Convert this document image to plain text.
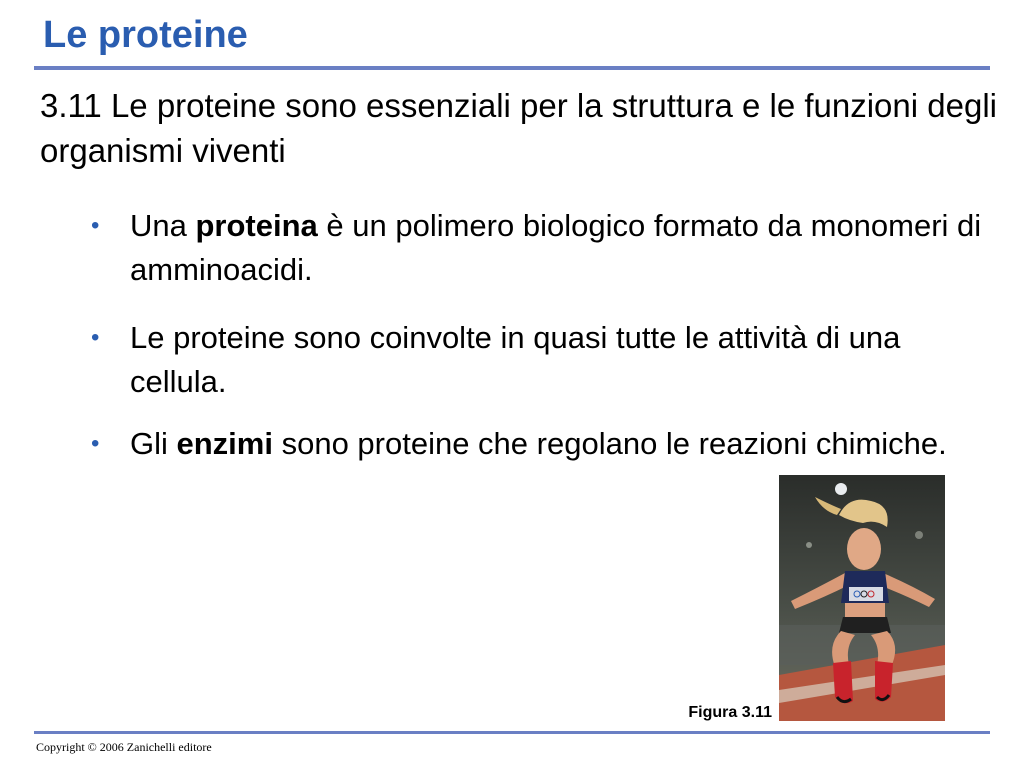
Le proteine

3.11 Le proteine sono essenziali per la struttura e le funzioni degli organismi viventi

• Una proteina è un polimero biologico formato da monomeri di amminoacidi.
• Le proteine sono coinvolte in quasi tutte le attività di una cellula.
• Gli enzimi sono proteine che regolano le reazioni chimiche.

Figura 3.11

Copyright © 2006 Zanichelli editore
